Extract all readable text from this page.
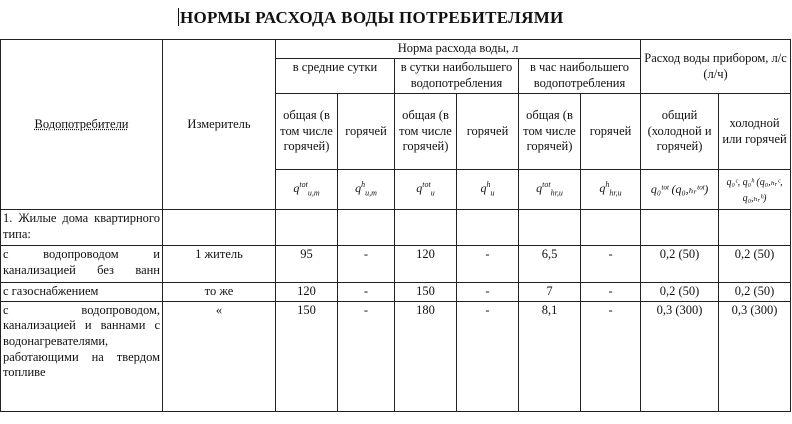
НОРМЫ РАСХОДА ВОДЫ ПОТРЕБИТЕЛЯМИ
Водопотребители	Измеритель	Норма расхода воды, л						Расход воды прибором, л/с (л/ч)	
		в средние сутки		в сутки наибольшего водопотребления		в час наибольшего водопотребления			

		общая (в том числе горячей)	горячей	общая (в том числе горячей)	горячей	общая (в том числе горячей)	горячей	общий (холодной и горячей)	холодной или горячей

		$q^{tot}_{u,m}$	$q^h_{u,m}$	$q^{tot}_u$	$q^h_u$	$q^{tot}_{hr,u}$	$q^h_{hr,u}$	q₀ᵗᵒᵗ (q₀,ₕᵣᵗᵒᵗ)	q₀ᶜ, q₀ʰ (q₀,ₕᵣᶜ, q₀,ₕᵣʰ)
1. Жилые дома квартирного типа:									
с водопроводом и канализацией без ванн	1 житель	95	-	120	-	6,5	-	0,2 (50)	0,2 (50)
с газоснабжением	то же	120	-	150	-	7	-	0,2 (50)	0,2 (50)
с водопроводом, канализацией и ваннами с водонагревателями, работающими на твердом топливе	«	150	-	180	-	8,1	-	0,3 (300)	0,3 (300)
